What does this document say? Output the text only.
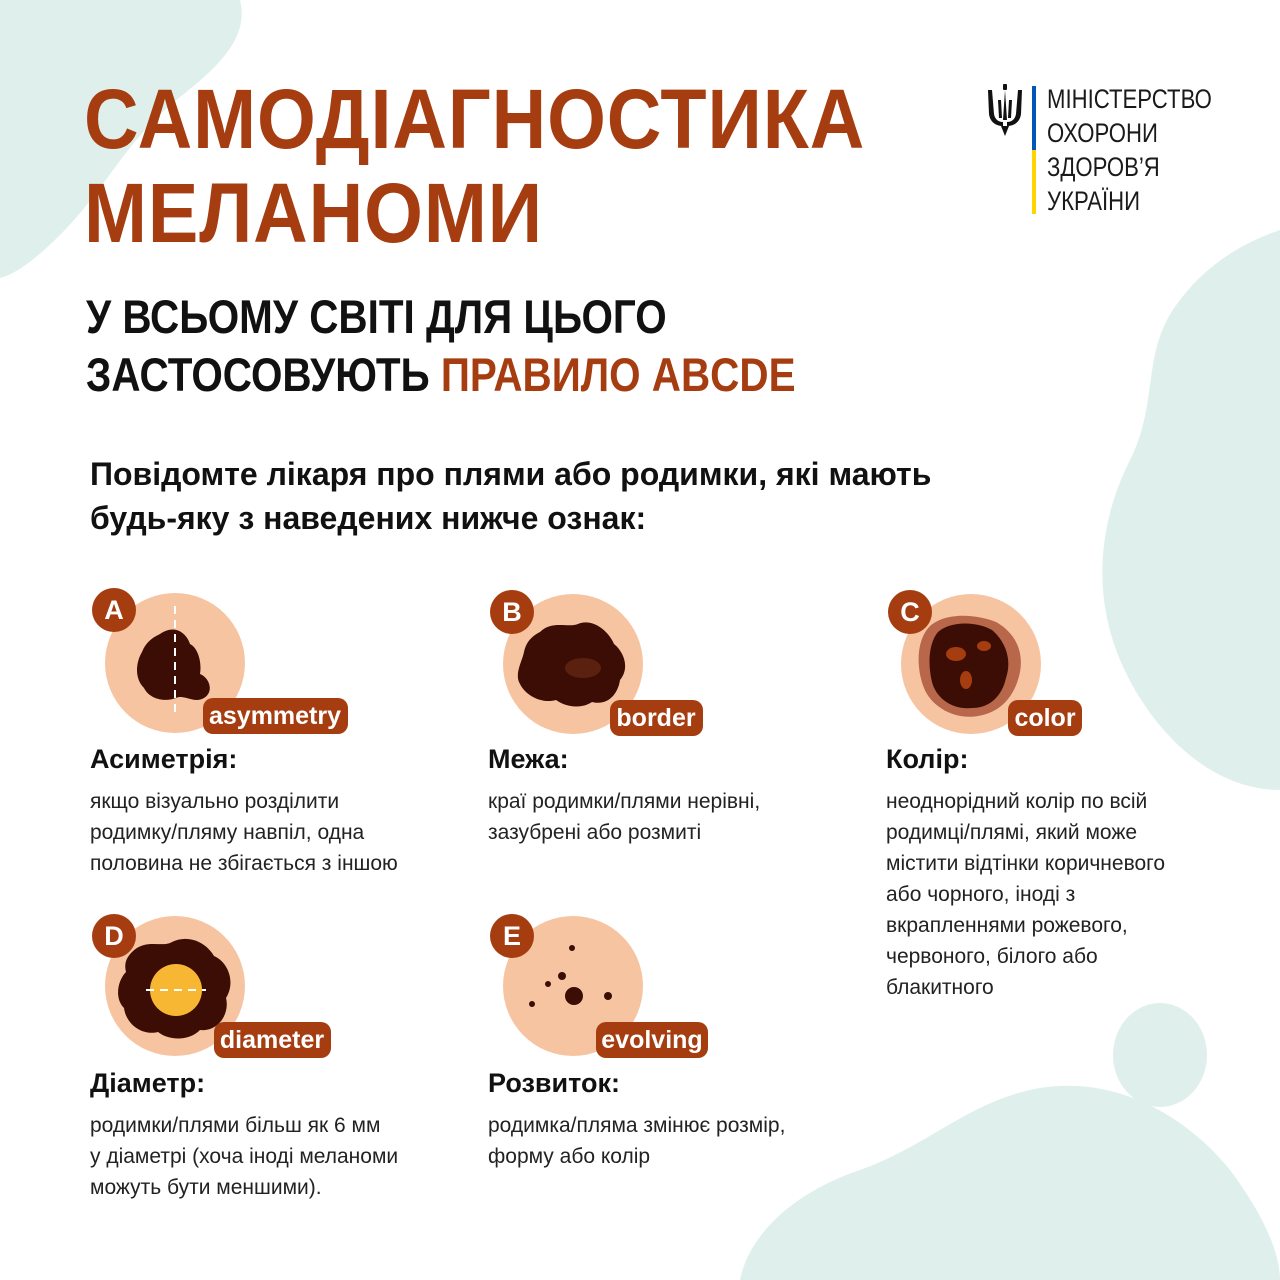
САМОДІАГНОСТИКА
МЕЛАНОМИ
МІНІСТЕРСТВО
ОХОРОНИ
ЗДОРОВ’Я
УКРАЇНИ
У ВСЬОМУ СВІТІ ДЛЯ ЦЬОГО
ЗАСТОСОВУЮТЬ ПРАВИЛО ABCDE

Повідомте лікаря про плями або родимки, які мають
будь-яку з наведених нижче ознак:

A
asymmetry
Асиметрія:
якщо візуально розділити
родимку/пляму навпіл, одна
половина не збігається з іншою
B
border
Межа:
краї родимки/плями нерівні,
зазубрені або розмиті
C
color
Колір:
неоднорідний колір по всій
родимці/плямі, який може
містити відтінки коричневого
або чорного, іноді з
вкрапленнями рожевого,
червоного, білого або
блакитного
D
diameter
Діаметр:
родимки/плями більш як 6 мм
у діаметрі (хоча іноді меланоми
можуть бути меншими).
E
evolving
Розвиток:
родимка/пляма змінює розмір,
форму або колір
